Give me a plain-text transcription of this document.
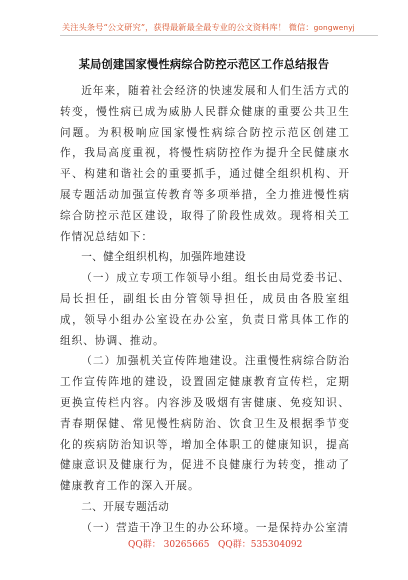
关注头条号“公文研究”，获得最新最全最专业的公文资料库！ 微信：gongwenyj
某局创建国家慢性病综合防控示范区工作总结报告

近年来，随着社会经济的快速发展和人们生活方式的转变，慢性病已成为威胁人民群众健康的重要公共卫生问题。为积极响应国家慢性病综合防控示范区创建工作，我局高度重视，将慢性病防控作为提升全民健康水平、构建和谐社会的重要抓手，通过健全组织机构、开展专题活动加强宣传教育等多项举措，全力推进慢性病综合防控示范区建设，取得了阶段性成效。现将相关工作情况总结如下：

一、健全组织机构，加强阵地建设

（一）成立专项工作领导小组。组长由局党委书记、局长担任，副组长由分管领导担任，成员由各股室组成，领导小组办公室设在办公室，负责日常具体工作的组织、协调、推动。

（二）加强机关宣传阵地建设。注重慢性病综合防治工作宣传阵地的建设，设置固定健康教育宣传栏，定期更换宣传栏内容。内容涉及吸烟有害健康、免疫知识、青春期保健、常见慢性病防治、饮食卫生及根据季节变化的疾病防治知识等，增加全体职工的健康知识，提高健康意识及健康行为，促进不良健康行为转变，推动了健康教育工作的深入开展。

二、开展专题活动

（一）营造干净卫生的办公环境。一是保持办公室清

QQ群： 30265665 QQ群：535304092
